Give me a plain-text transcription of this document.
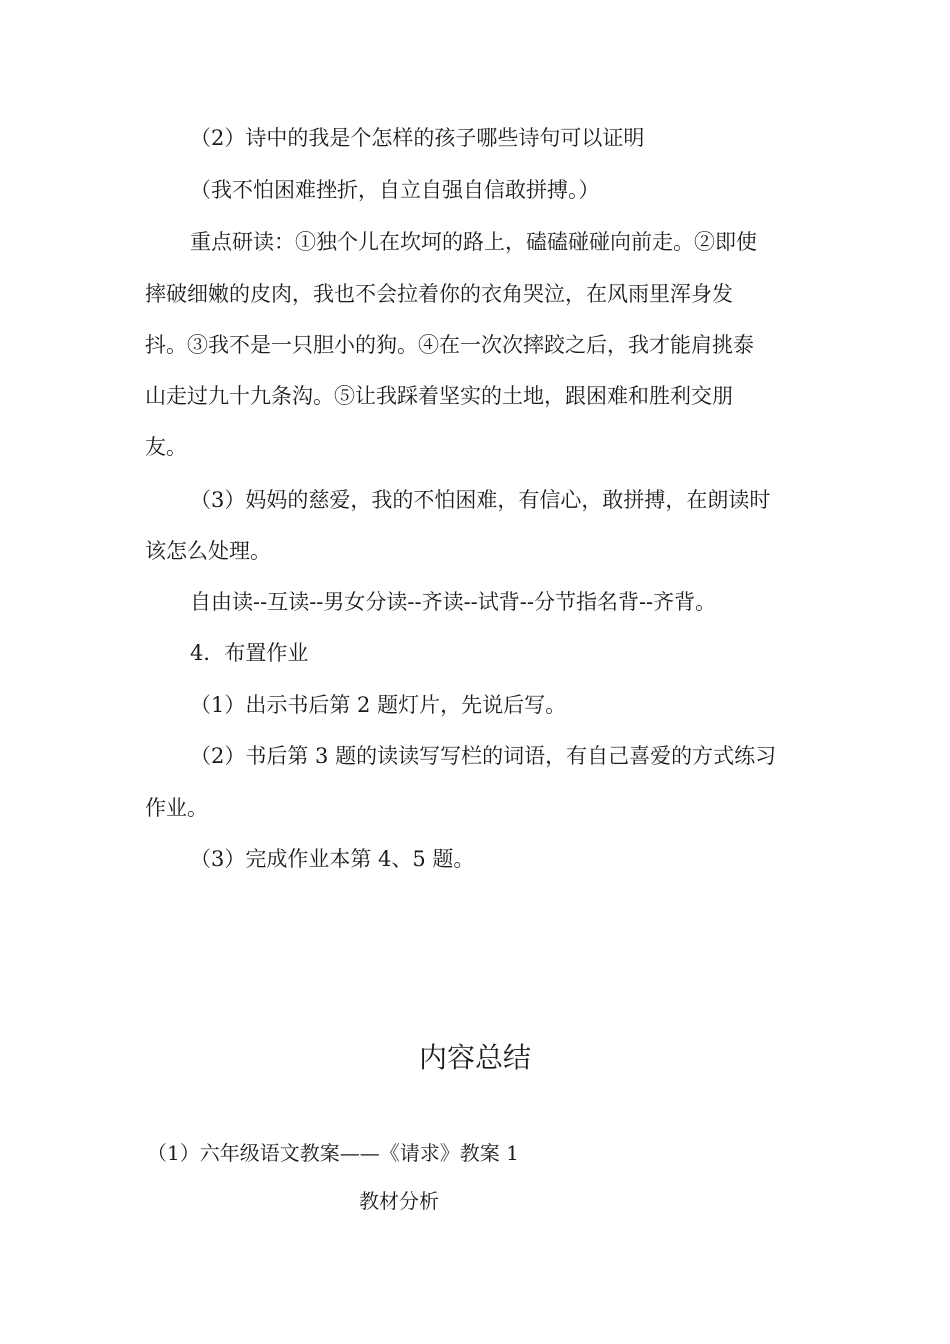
（2）诗中的我是个怎样的孩子哪些诗句可以证明
（我不怕困难挫折，自立自强自信敢拼搏。）
重点研读：①独个儿在坎坷的路上，磕磕碰碰向前走。②即使
摔破细嫩的皮肉，我也不会拉着你的衣角哭泣，在风雨里浑身发
抖。③我不是一只胆小的狗。④在一次次摔跤之后，我才能肩挑泰
山走过九十九条沟。⑤让我踩着坚实的土地，跟困难和胜利交朋
友。
（3）妈妈的慈爱，我的不怕困难，有信心，敢拼搏，在朗读时
该怎么处理。
自由读--互读--男女分读--齐读--试背--分节指名背--齐背。
4．布置作业
（1）出示书后第 2 题灯片，先说后写。
（2）书后第 3 题的读读写写栏的词语，有自己喜爱的方式练习
作业。
（3）完成作业本第 4、5 题。
内容总结
（1）六年级语文教案——《请求》教案 1
教材分析
